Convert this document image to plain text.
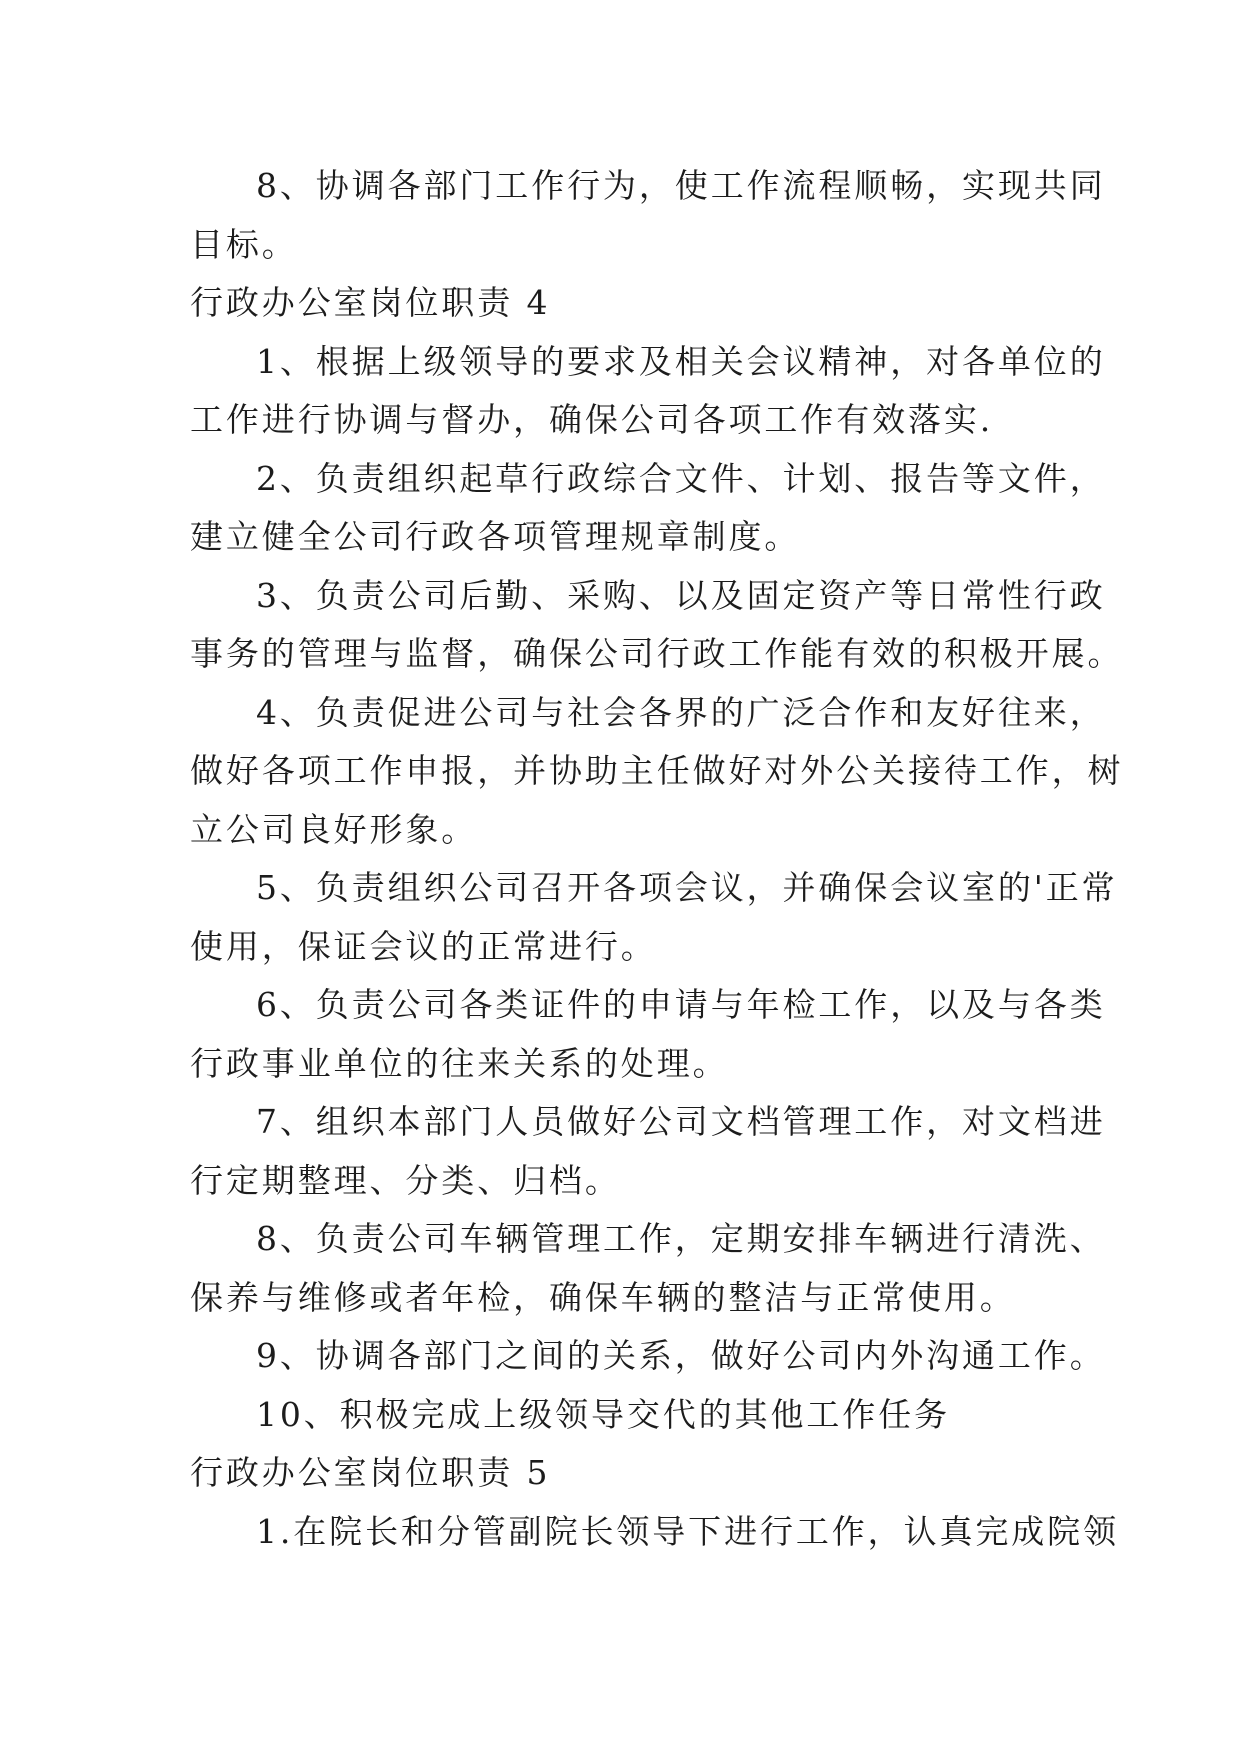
8、协调各部门工作行为，使工作流程顺畅，实现共同

目标。

行政办公室岗位职责 4

1、根据上级领导的要求及相关会议精神，对各单位的

工作进行协调与督办，确保公司各项工作有效落实.

2、负责组织起草行政综合文件、计划、报告等文件，

建立健全公司行政各项管理规章制度。

3、负责公司后勤、采购、以及固定资产等日常性行政

事务的管理与监督，确保公司行政工作能有效的积极开展。

4、负责促进公司与社会各界的广泛合作和友好往来，

做好各项工作申报，并协助主任做好对外公关接待工作，树

立公司良好形象。

5、负责组织公司召开各项会议，并确保会议室的'正常

使用，保证会议的正常进行。

6、负责公司各类证件的申请与年检工作，以及与各类

行政事业单位的往来关系的处理。

7、组织本部门人员做好公司文档管理工作，对文档进

行定期整理、分类、归档。

8、负责公司车辆管理工作，定期安排车辆进行清洗、

保养与维修或者年检，确保车辆的整洁与正常使用。

9、协调各部门之间的关系，做好公司内外沟通工作。

10、积极完成上级领导交代的其他工作任务

行政办公室岗位职责 5

1.在院长和分管副院长领导下进行工作，认真完成院领
